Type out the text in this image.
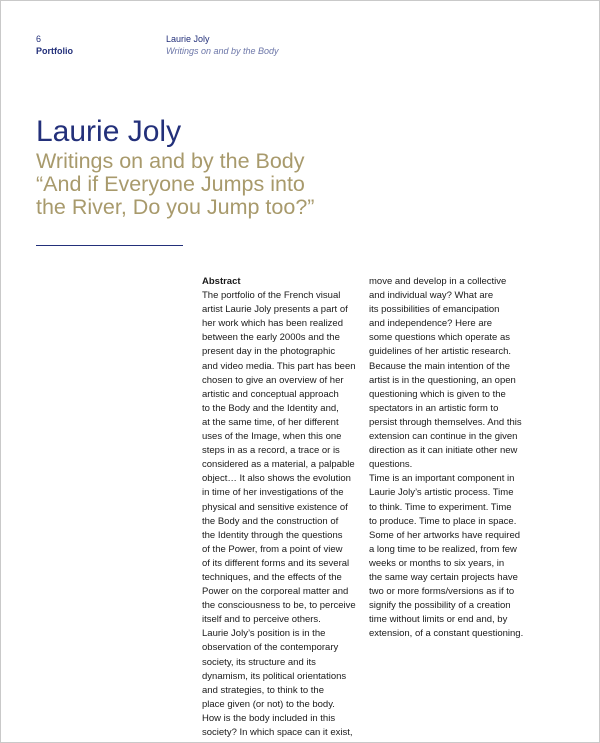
6
Portfolio
Laurie Joly
Writings on and by the Body
Laurie Joly
Writings on and by the Body
“And if Everyone Jumps into
the River, Do you Jump too?”
Abstract
The portfolio of the French visual
artist Laurie Joly presents a part of
her work which has been realized
between the early 2000s and the
present day in the photographic
and video media. This part has been
chosen to give an overview of her
artistic and conceptual approach
to the Body and the Identity and,
at the same time, of her different
uses of the Image, when this one
steps in as a record, a trace or is
considered as a material, a palpable
object… It also shows the evolution
in time of her investigations of the
physical and sensitive existence of
the Body and the construction of
the Identity through the questions
of the Power, from a point of view
of its different forms and its several
techniques, and the effects of the
Power on the corporeal matter and
the consciousness to be, to perceive
itself and to perceive others.
Laurie Joly’s position is in the
observation of the contemporary
society, its structure and its
dynamism, its political orientations
and strategies, to think to the
place given (or not) to the body.
How is the body included in this
society? In which space can it exist,
move and develop in a collective
and individual way? What are
its possibilities of emancipation
and independence? Here are
some questions which operate as
guidelines of her artistic research.
Because the main intention of the
artist is in the questioning, an open
questioning which is given to the
spectators in an artistic form to
persist through themselves. And this
extension can continue in the given
direction as it can initiate other new
questions.
Time is an important component in
Laurie Joly’s artistic process. Time
to think. Time to experiment. Time
to produce. Time to place in space.
Some of her artworks have required
a long time to be realized, from few
weeks or months to six years, in
the same way certain projects have
two or more forms/versions as if to
signify the possibility of a creation
time without limits or end and, by
extension, of a constant questioning.
